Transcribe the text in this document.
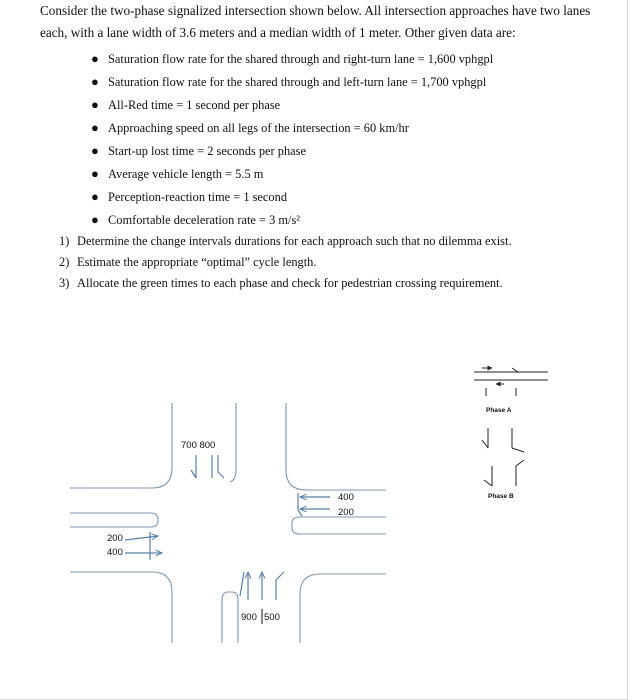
Consider the two-phase signalized intersection shown below. All intersection approaches have two lanes each, with a lane width of 3.6 meters and a median width of 1 meter. Other given data are:

● Saturation flow rate for the shared through and right-turn lane = 1,600 vphgpl
● Saturation flow rate for the shared through and left-turn lane = 1,700 vphgpl
● All-Red time = 1 second per phase
● Approaching speed on all legs of the intersection = 60 km/hr
● Start-up lost time = 2 seconds per phase
● Average vehicle length = 5.5 m
● Perception-reaction time = 1 second
● Comfortable deceleration rate = 3 m/s²
1) Determine the change intervals durations for each approach such that no dilemma exist.
2) Estimate the appropriate “optimal” cycle length.
3) Allocate the green times to each phase and check for pedestrian crossing requirement.
700 800
400
200
200
400
900 500
Phase A
Phase B
